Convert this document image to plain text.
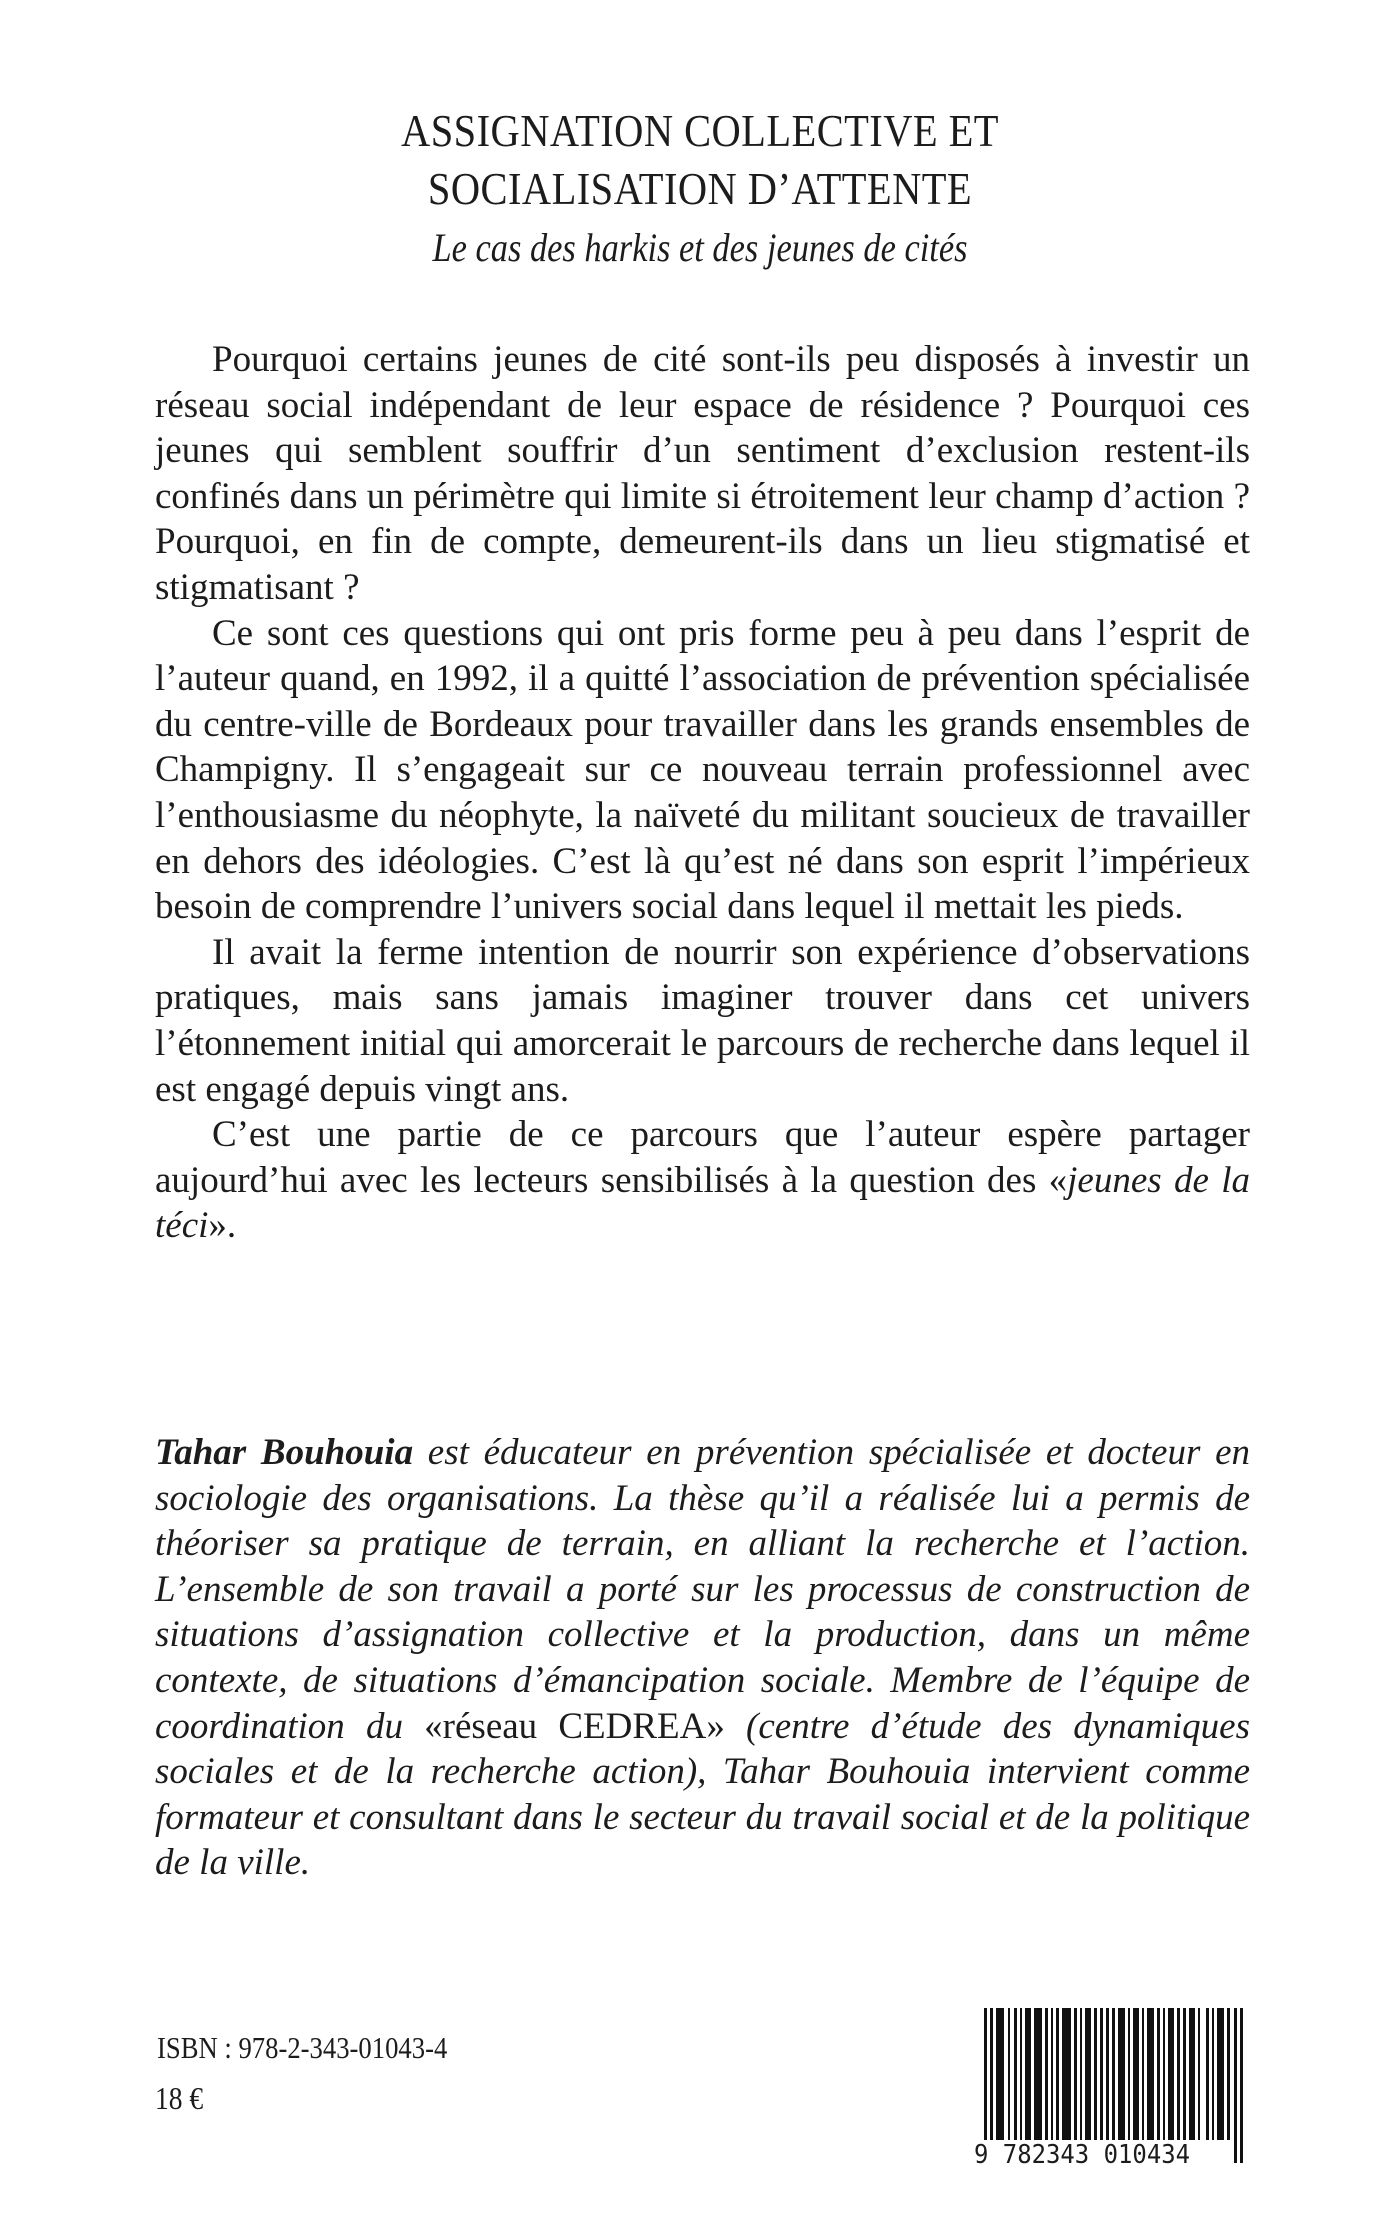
ASSIGNATION COLLECTIVE ET
SOCIALISATION D’ATTENTE
Le cas des harkis et des jeunes de cités

Pourquoi certains jeunes de cité sont-ils peu disposés à investir un réseau social indépendant de leur espace de résidence ? Pourquoi ces jeunes qui semblent souffrir d’un sentiment d’exclusion restent-ils confinés dans un périmètre qui limite si étroitement leur champ d’action ? Pourquoi, en fin de compte, demeurent-ils dans un lieu stigmatisé et stigmatisant ?

Ce sont ces questions qui ont pris forme peu à peu dans l’esprit de l’auteur quand, en 1992, il a quitté l’association de prévention spécialisée du centre-ville de Bordeaux pour travailler dans les grands ensembles de Champigny. Il s’engageait sur ce nouveau terrain professionnel avec l’enthousiasme du néophyte, la naïveté du militant soucieux de travailler en dehors des idéologies. C’est là qu’est né dans son esprit l’impérieux besoin de comprendre l’univers social dans lequel il mettait les pieds.

Il avait la ferme intention de nourrir son expérience d’observations pratiques, mais sans jamais imaginer trouver dans cet univers l’étonnement initial qui amorcerait le parcours de recherche dans lequel il est engagé depuis vingt ans.

C’est une partie de ce parcours que l’auteur espère partager aujourd’hui avec les lecteurs sensibilisés à la question des «jeunes de la téci».

Tahar Bouhouia est éducateur en prévention spécialisée et docteur en sociologie des organisations. La thèse qu’il a réalisée lui a permis de théoriser sa pratique de terrain, en alliant la recherche et l’action. L’ensemble de son travail a porté sur les processus de construction de situations d’assignation collective et la production, dans un même contexte, de situations d’émancipation sociale. Membre de l’équipe de coordination du «réseau CEDREA» (centre d’étude des dynamiques sociales et de la recherche action), Tahar Bouhouia intervient comme formateur et consultant dans le secteur du travail social et de la politique de la ville.

ISBN : 978-2-343-01043-4
18 €
9 782343 010434
